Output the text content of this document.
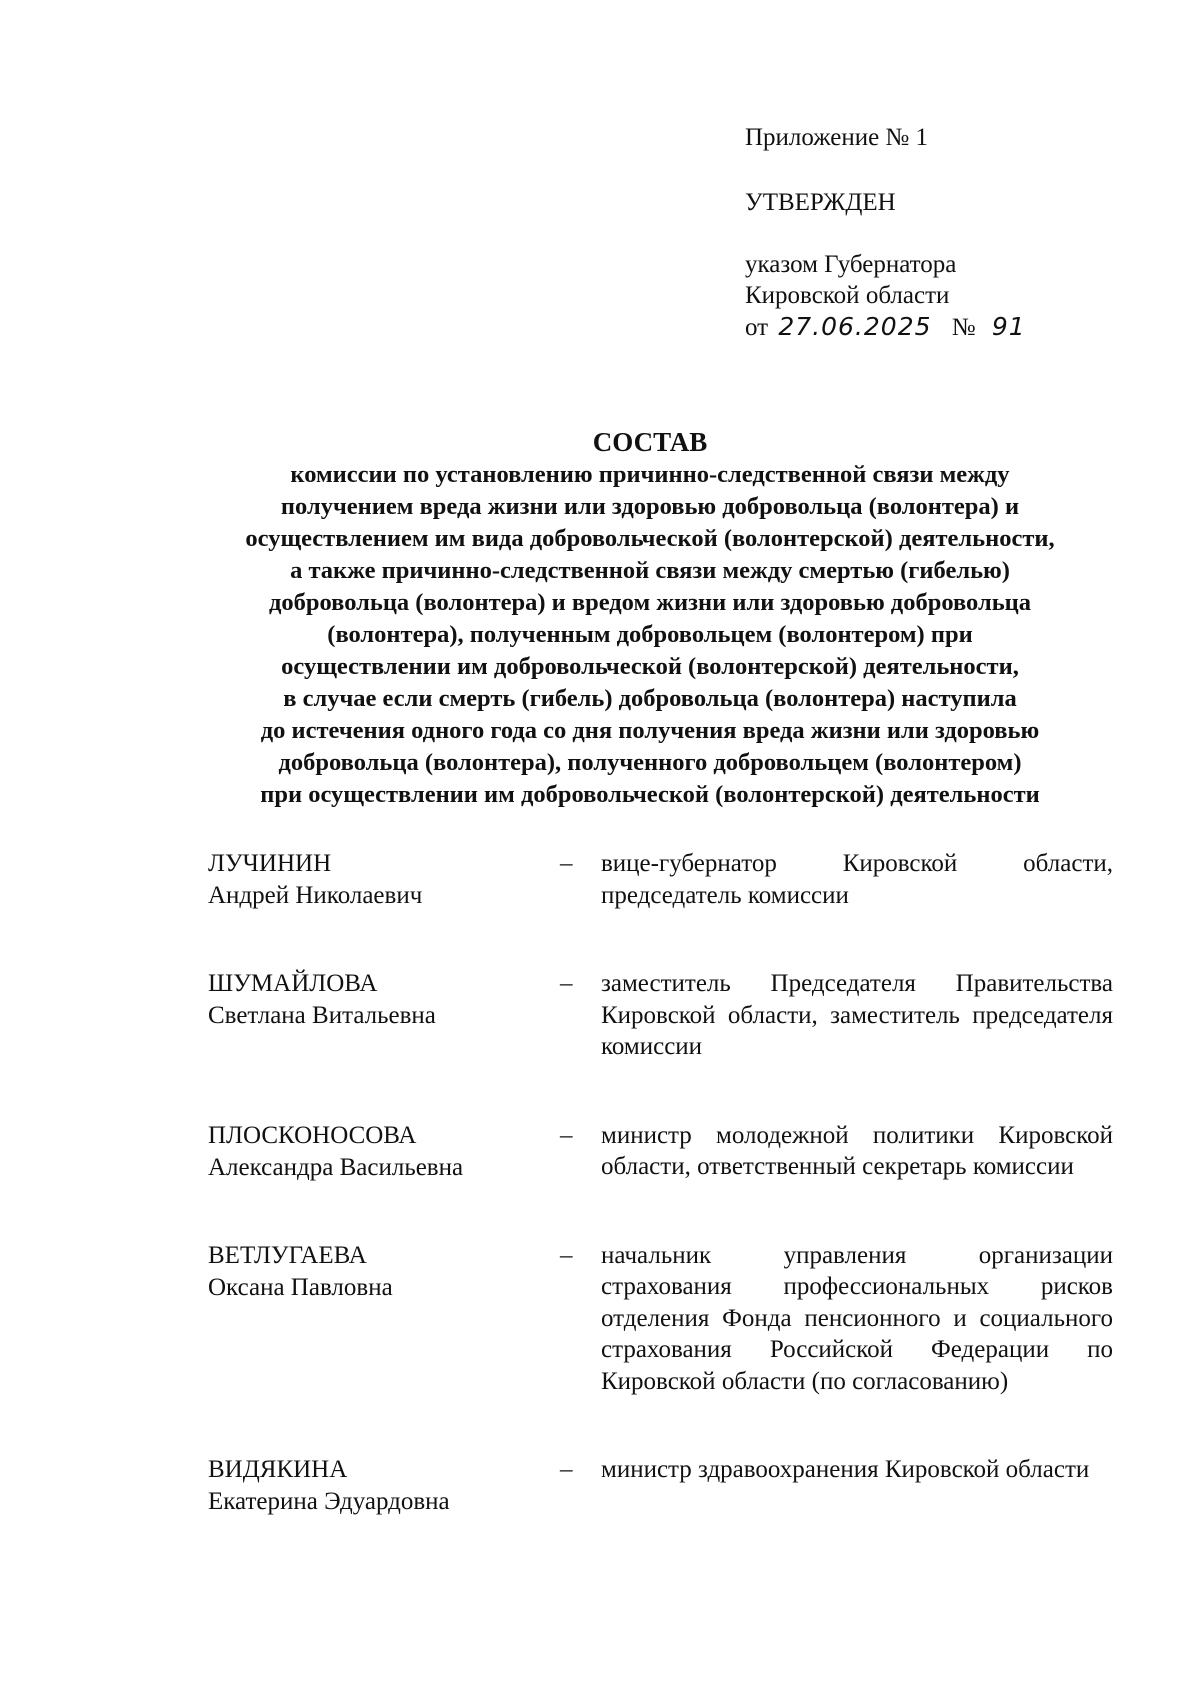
Приложение № 1
УТВЕРЖДЕН
указом Губернатора
Кировской области
от 27.06.2025 № 91
СОСТАВ
комиссии по установлению причинно-следственной связи между
получением вреда жизни или здоровью добровольца (волонтера) и
осуществлением им вида добровольческой (волонтерской) деятельности,
а также причинно-следственной связи между смертью (гибелью)
добровольца (волонтера) и вредом жизни или здоровью добровольца
(волонтера), полученным добровольцем (волонтером) при
осуществлении им добровольческой (волонтерской) деятельности,
в случае если смерть (гибель) добровольца (волонтера) наступила
до истечения одного года со дня получения вреда жизни или здоровью
добровольца (волонтера), полученного добровольцем (волонтером)
при осуществлении им добровольческой (волонтерской) деятельности
ЛУЧИНИН
Андрей Николаевич
–	вице-губернатор Кировской области, председатель комиссии
ШУМАЙЛОВА
Светлана Витальевна
–	заместитель Председателя Правительства Кировской области, заместитель председателя комиссии
ПЛОСКОНОСОВА
Александра Васильевна
–	министр молодежной политики Кировской области, ответственный секретарь комиссии
ВЕТЛУГАЕВА
Оксана Павловна
–	начальник управления организации страхования профессиональных рисков отделения Фонда пенсионного и социального страхования Российской Федерации по Кировской области (по согласованию)
ВИДЯКИНА
Екатерина Эдуардовна
–	министр здравоохранения Кировской области
